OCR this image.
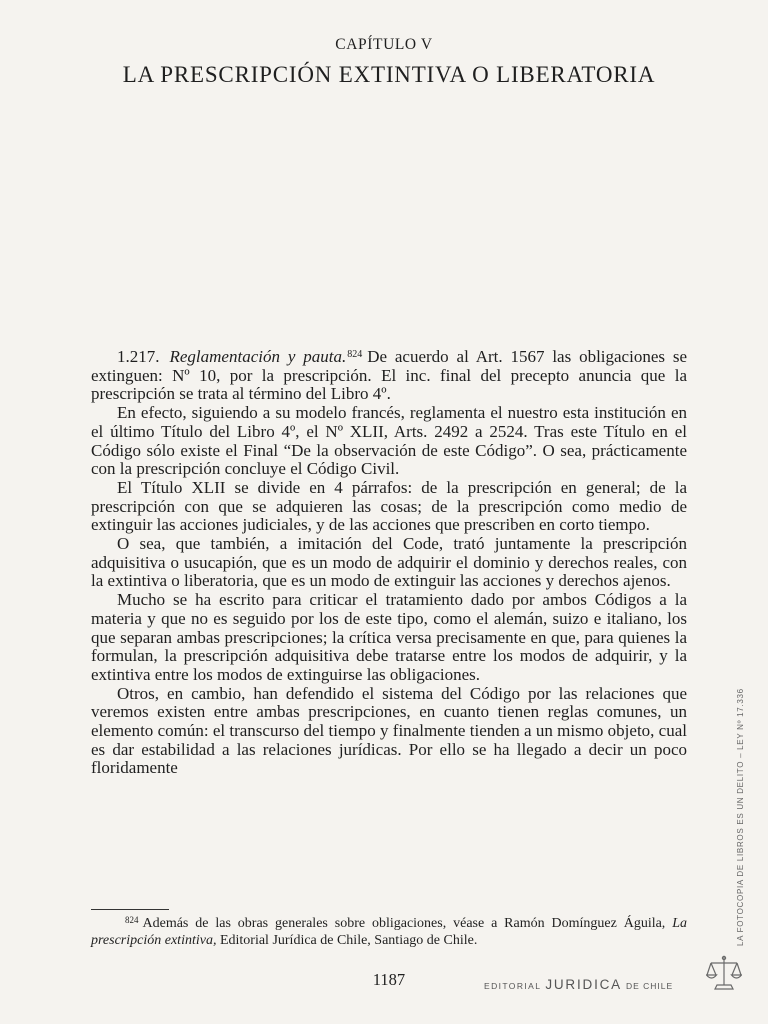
CAPÍTULO V
LA PRESCRIPCIÓN EXTINTIVA O LIBERATORIA

1.217. Reglamentación y pauta.$^{824}$ De acuerdo al Art. 1567 las obligaciones se extinguen: Nº 10, por la prescripción. El inc. final del precepto anuncia que la prescripción se trata al término del Libro 4º.

En efecto, siguiendo a su modelo francés, reglamenta el nuestro esta institución en el último Título del Libro 4º, el Nº XLII, Arts. 2492 a 2524. Tras este Título en el Código sólo existe el Final “De la observación de este Código”. O sea, prácticamente con la prescripción concluye el Código Civil.

El Título XLII se divide en 4 párrafos: de la prescripción en general; de la prescripción con que se adquieren las cosas; de la prescripción como medio de extinguir las acciones judiciales, y de las acciones que prescriben en corto tiempo.

O sea, que también, a imitación del Code, trató juntamente la prescripción adquisitiva o usucapión, que es un modo de adquirir el dominio y derechos reales, con la extintiva o liberatoria, que es un modo de extinguir las acciones y derechos ajenos.

Mucho se ha escrito para criticar el tratamiento dado por ambos Códigos a la materia y que no es seguido por los de este tipo, como el alemán, suizo e italiano, los que separan ambas prescripciones; la crítica versa precisamente en que, para quienes la formulan, la prescripción adquisitiva debe tratarse entre los modos de adquirir, y la extintiva entre los modos de extinguirse las obligaciones.

Otros, en cambio, han defendido el sistema del Código por las relaciones que veremos existen entre ambas prescripciones, en cuanto tienen reglas comunes, un elemento común: el transcurso del tiempo y finalmente tienden a un mismo objeto, cual es dar estabilidad a las relaciones jurídicas. Por ello se ha llegado a decir un poco floridamente

$^{824}$ Además de las obras generales sobre obligaciones, véase a Ramón Domínguez Águila, La prescripción extintiva, Editorial Jurídica de Chile, Santiago de Chile.

1187	EDITORIAL JURIDICA DE CHILE
LA FOTOCOPIA DE LIBROS ES UN DELITO – LEY Nº 17.336
